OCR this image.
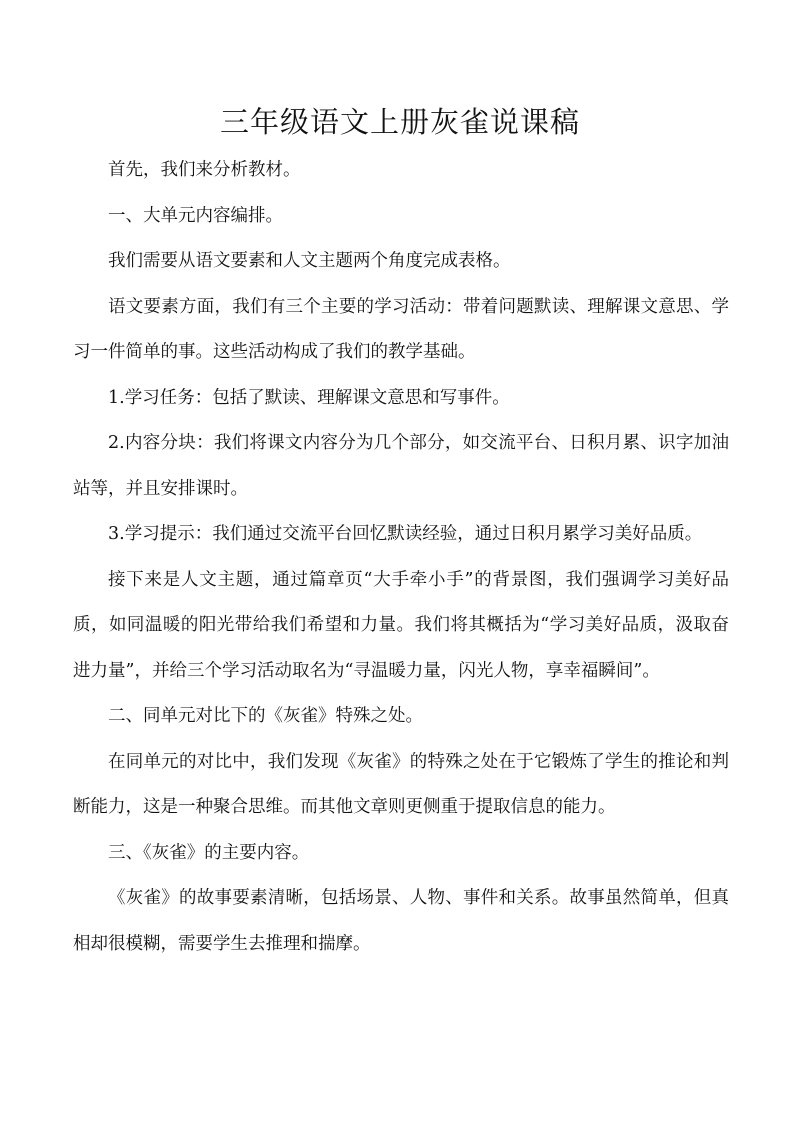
三年级语文上册灰雀说课稿

首先，我们来分析教材。

一、大单元内容编排。

我们需要从语文要素和人文主题两个角度完成表格。

语文要素方面，我们有三个主要的学习活动：带着问题默读、理解课文意思、学习一件简单的事。这些活动构成了我们的教学基础。

1.学习任务：包括了默读、理解课文意思和写事件。

2.内容分块：我们将课文内容分为几个部分，如交流平台、日积月累、识字加油站等，并且安排课时。

3.学习提示：我们通过交流平台回忆默读经验，通过日积月累学习美好品质。

接下来是人文主题，通过篇章页“大手牵小手”的背景图，我们强调学习美好品质，如同温暖的阳光带给我们希望和力量。我们将其概括为“学习美好品质，汲取奋进力量”，并给三个学习活动取名为“寻温暖力量，闪光人物，享幸福瞬间”。

二、同单元对比下的《灰雀》特殊之处。

在同单元的对比中，我们发现《灰雀》的特殊之处在于它锻炼了学生的推论和判断能力，这是一种聚合思维。而其他文章则更侧重于提取信息的能力。

三、《灰雀》的主要内容。

《灰雀》的故事要素清晰，包括场景、人物、事件和关系。故事虽然简单，但真相却很模糊，需要学生去推理和揣摩。
